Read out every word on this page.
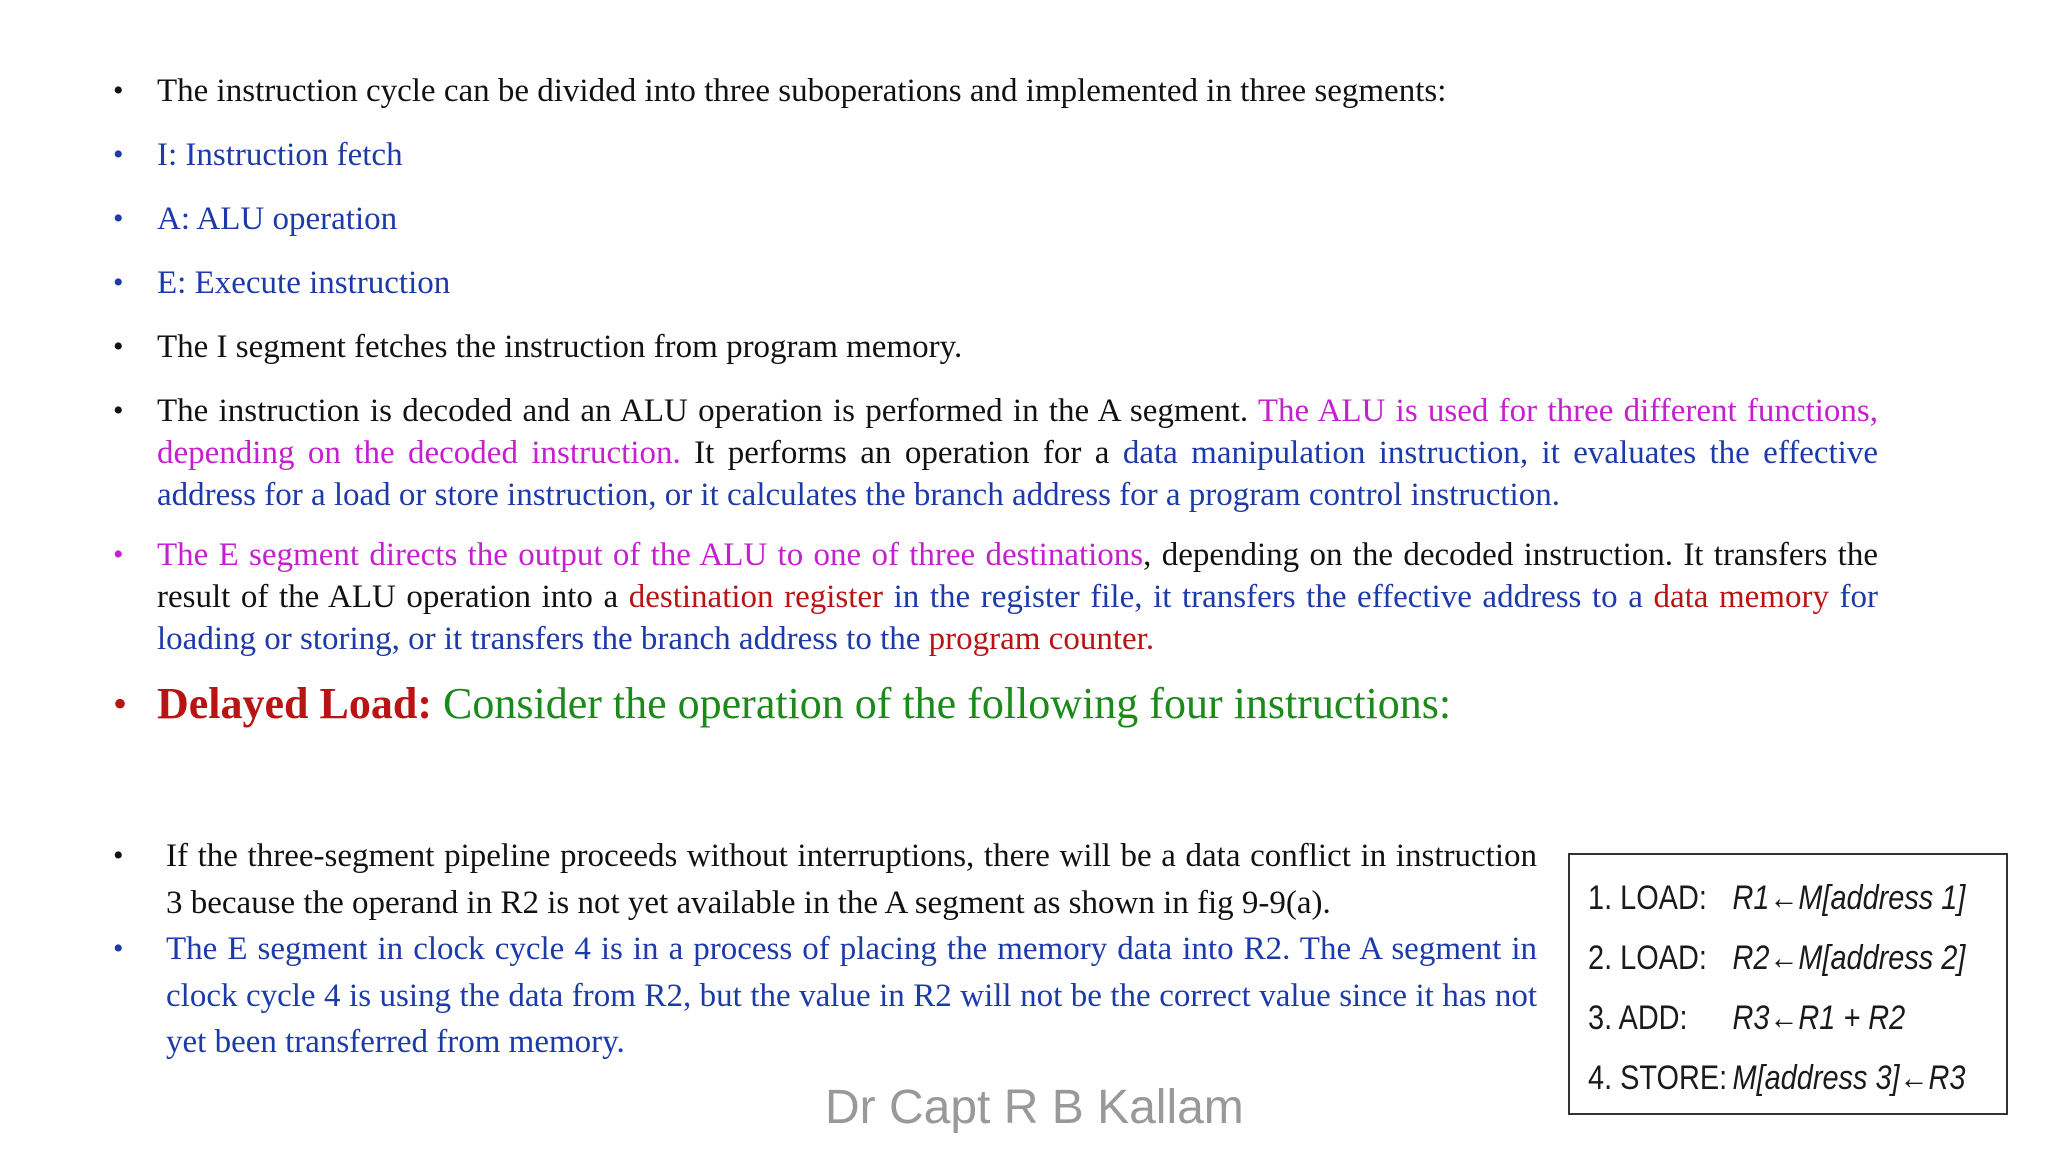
• The instruction cycle can be divided into three suboperations and implemented in three segments:
• I: Instruction fetch
• A: ALU operation
• E: Execute instruction
• The I segment fetches the instruction from program memory.
• The instruction is decoded and an ALU operation is performed in the A segment. The ALU is used for three different functions, depending on the decoded instruction. It performs an operation for a data manipulation instruction, it evaluates the effective address for a load or store instruction, or it calculates the branch address for a program control instruction.
• The E segment directs the output of the ALU to one of three destinations, depending on the decoded instruction. It transfers the result of the ALU operation into a destination register in the register file, it transfers the effective address to a data memory for loading or storing, or it transfers the branch address to the program counter.
• Delayed Load: Consider the operation of the following four instructions:
• If the three-segment pipeline proceeds without interruptions, there will be a data conflict in instruction 3 because the operand in R2 is not yet available in the A segment as shown in fig 9-9(a).
• The E segment in clock cycle 4 is in a process of placing the memory data into R2. The A segment in clock cycle 4 is using the data from R2, but the value in R2 will not be the correct value since it has not yet been transferred from memory.
1. LOAD: R1←M[address 1]
2. LOAD: R2←M[address 2]
3. ADD: R3←R1 + R2
4. STORE: M[address 3]←R3
Dr Capt R B Kallam
